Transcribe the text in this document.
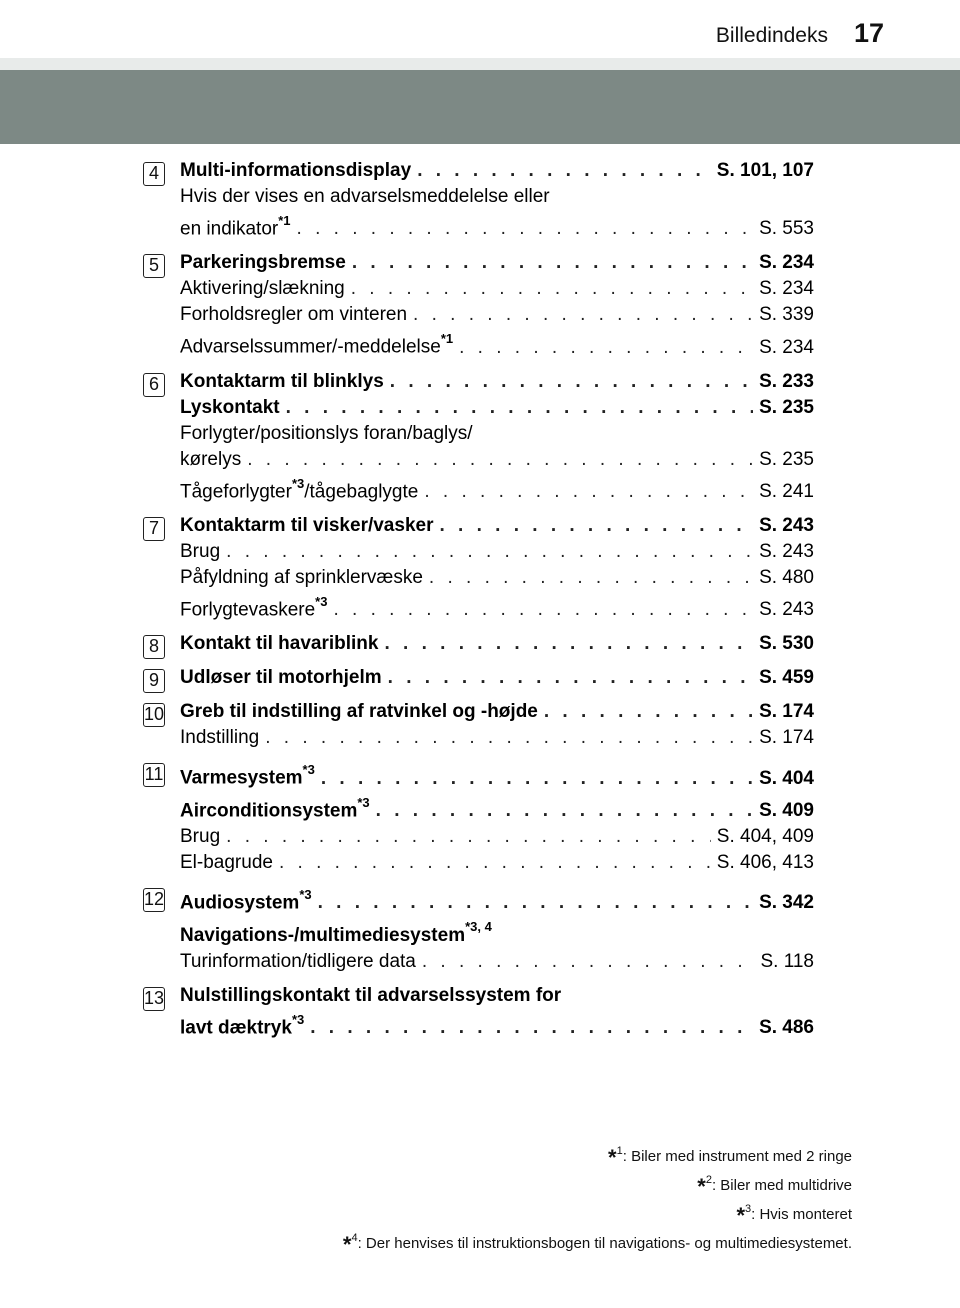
Billedindeks 17
4	Multi-informationsdisplay . . .	S. 101, 107
Hvis der vises en advarselsmeddelelse eller
en indikator$^{*1}$ . . .	S. 553
5	Parkeringsbremse . . .	S. 234
Aktivering/slækning . . .	S. 234
Forholdsregler om vinteren . . .	S. 339
Advarselssummer/-meddelelse$^{*1}$ . . .	S. 234
6	Kontaktarm til blinklys . . .	S. 233
Lyskontakt . . .	S. 235
Forlygter/positionslys foran/baglys/
kørelys . . .	S. 235
Tågeforlygter$^{*3}$/tågebaglygte . . .	S. 241
7	Kontaktarm til visker/vasker . . .	S. 243
Brug . . .	S. 243
Påfyldning af sprinklervæske . . .	S. 480
Forlygtevaskere$^{*3}$ . . .	S. 243
8	Kontakt til havariblink . . .	S. 530
9	Udløser til motorhjelm . . .	S. 459
10 Greb til indstilling af ratvinkel og -højde . . .	S. 174
Indstilling . . .	S. 174
11 Varmesystem$^{*3}$ . . .	S. 404
Airconditionsystem$^{*3}$ . . .	S. 409
Brug . . .	S. 404, 409
El-bagrude . . .	S. 406, 413
12 Audiosystem$^{*3}$ . . .	S. 342
Navigations-/multimediesystem$^{*3, 4}$
Turinformation/tidligere data . . .	S. 118
13 Nulstillingskontakt til advarselssystem for
lavt dæktryk$^{*3}$ . . .	S. 486
*$^1$: Biler med instrument med 2 ringe
*$^2$: Biler med multidrive
*$^3$: Hvis monteret
*$^4$: Der henvises til instruktionsbogen til navigations- og multimediesystemet.
